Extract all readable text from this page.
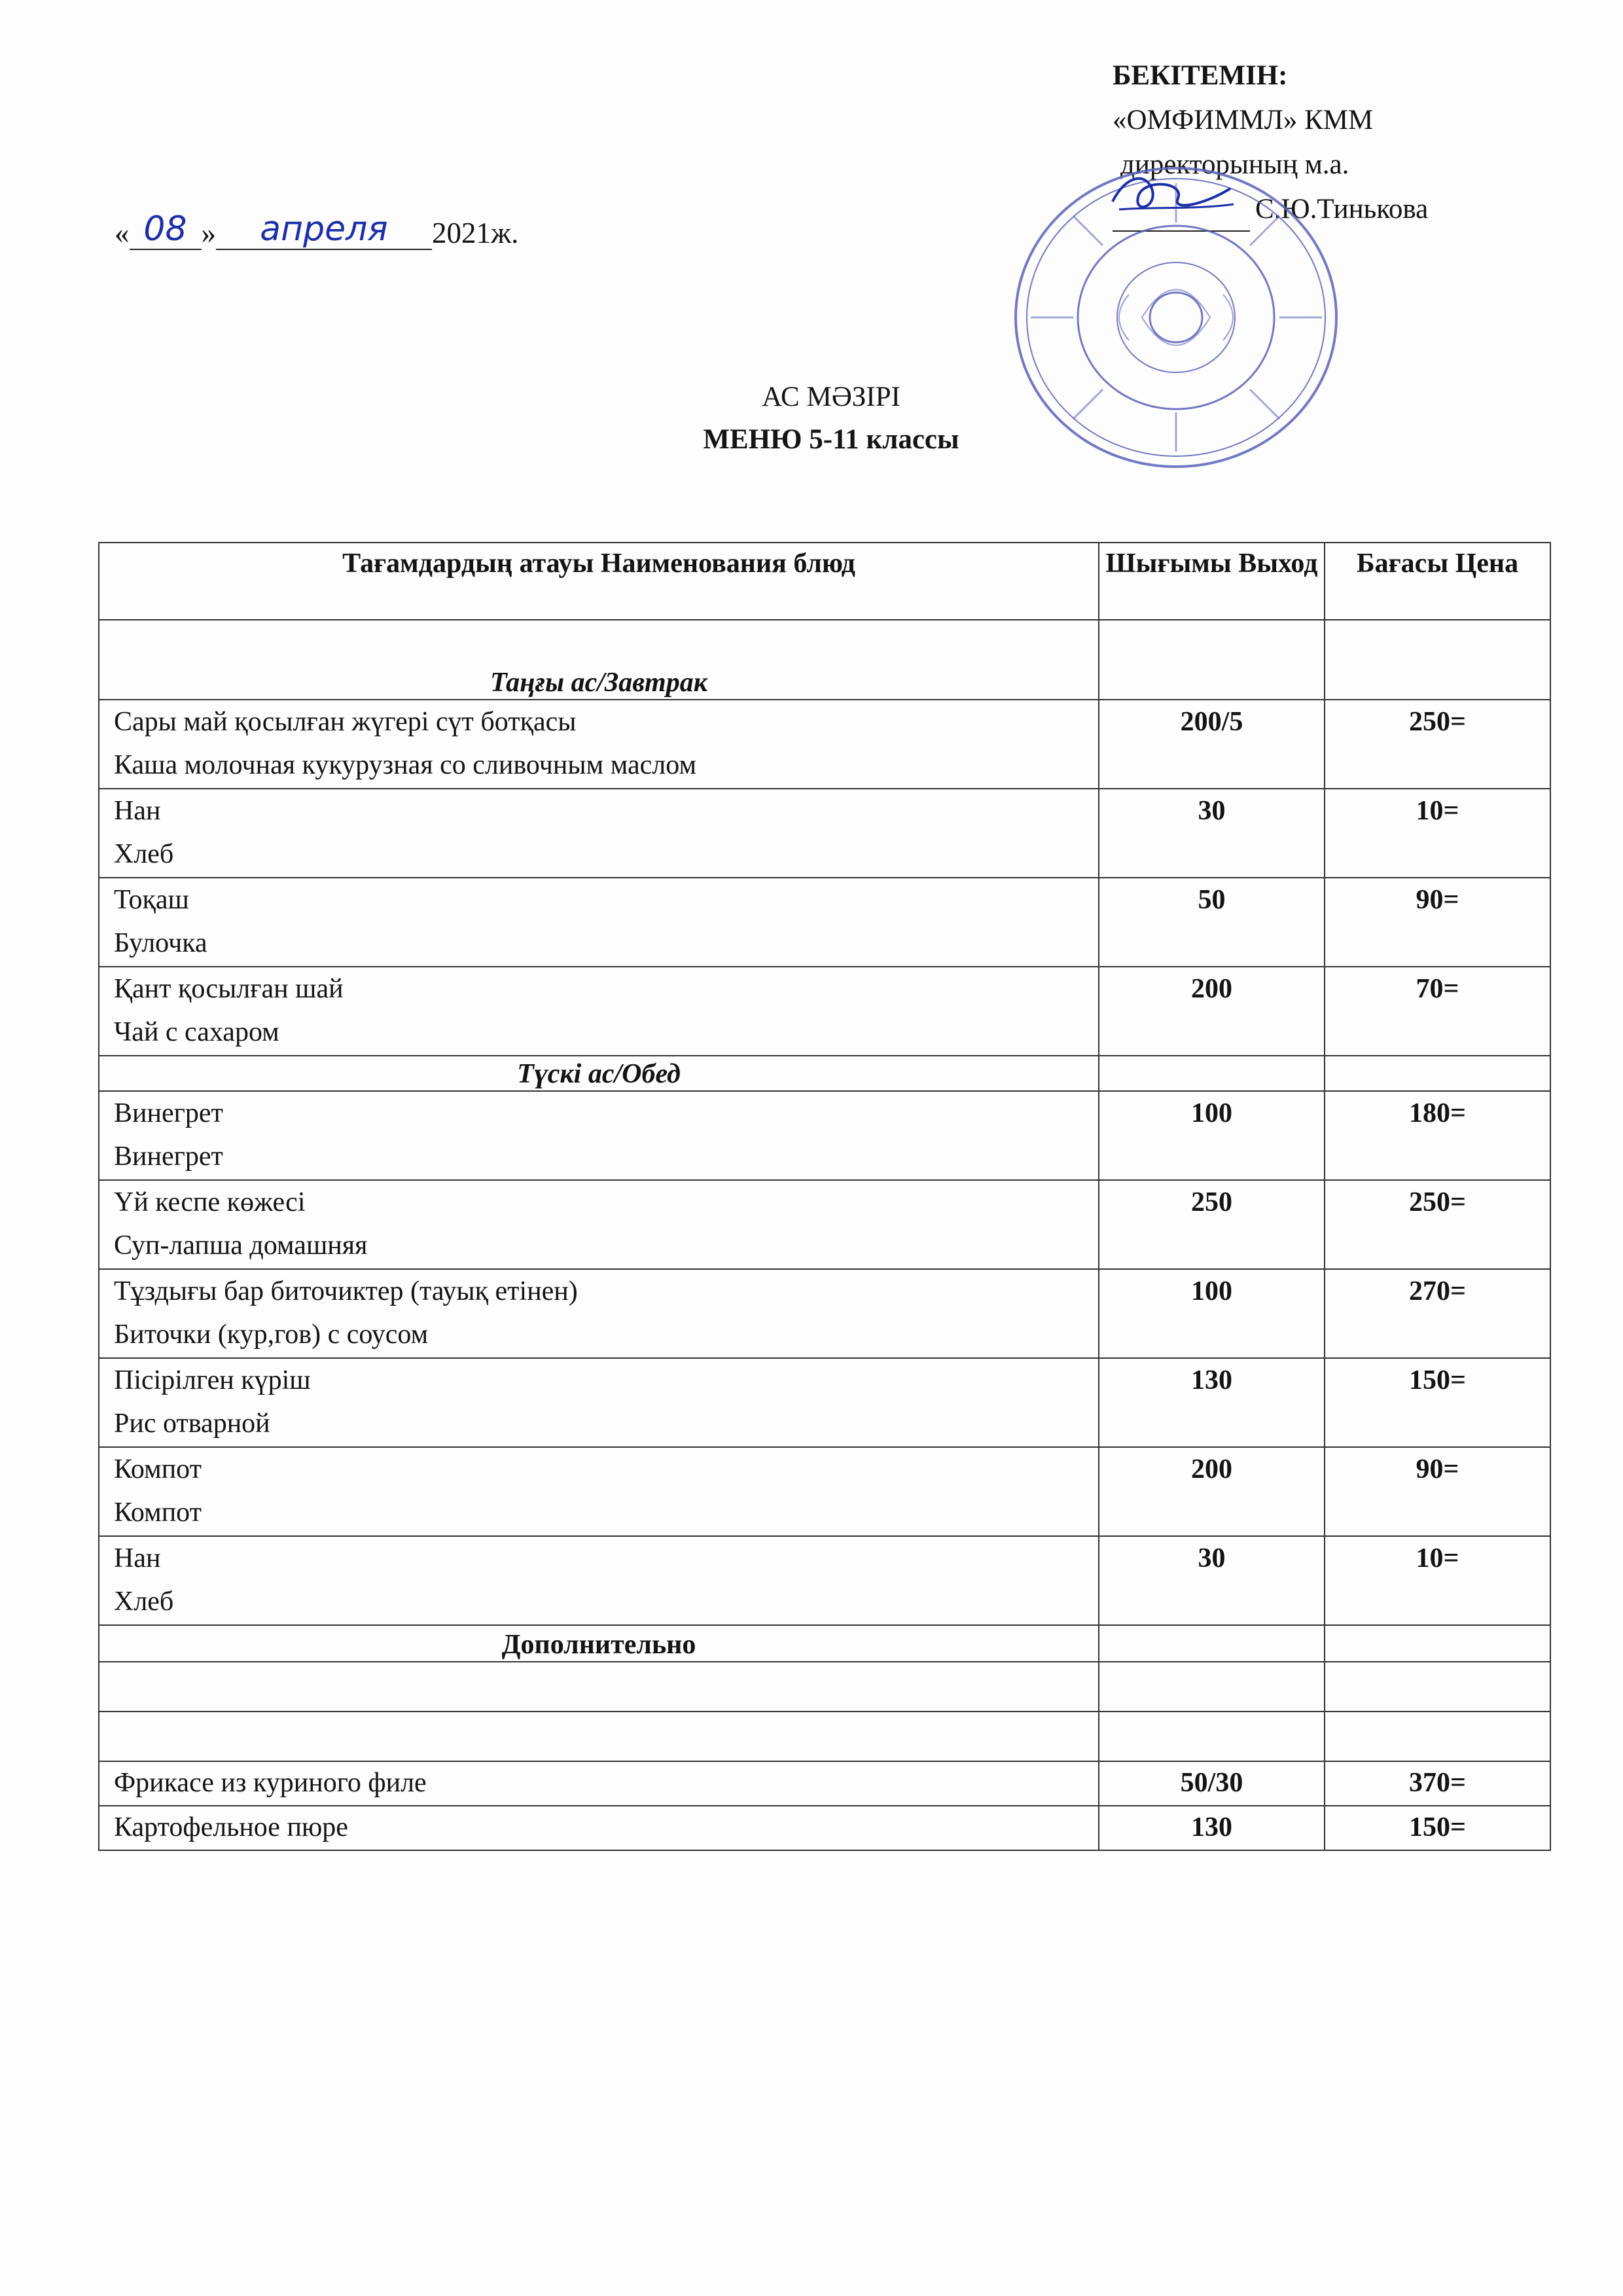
БЕКІТЕМІН:
«ОМФИММЛ» КММ
директорының м.а.
С.Ю.Тинькова
« 08 »	апреля	2021ж.
АС МӘЗІРІ
МЕНЮ 5-11 классы
Тағамдардың атауы Наименования блюд	Шығымы Выход	Бағасы Цена
Таңғы ас/Завтрак		

Сары май қосылған жүгері сүт ботқасы
Каша молочная кукурузная со сливочным маслом	200/5	250=

Нан
Хлеб	30	10=

Тоқаш
Булочка	50	90=

Қант қосылған шай
Чай с сахаром	200	70=
Түскі ас/Обед		

Винегрет
Винегрет	100	180=

Үй кеспе көжесі
Суп-лапша домашняя	250	250=

Тұздығы бар биточиктер (тауық етінен)
Биточки (кур,гов) с соусом	100	270=

Пісірілген күріш
Рис отварной	130	150=

Компот
Компот	200	90=

Нан
Хлеб	30	10=
Дополнительно		

Фрикасе из куриного филе	50/30	370=
Картофельное пюре	130	150=
